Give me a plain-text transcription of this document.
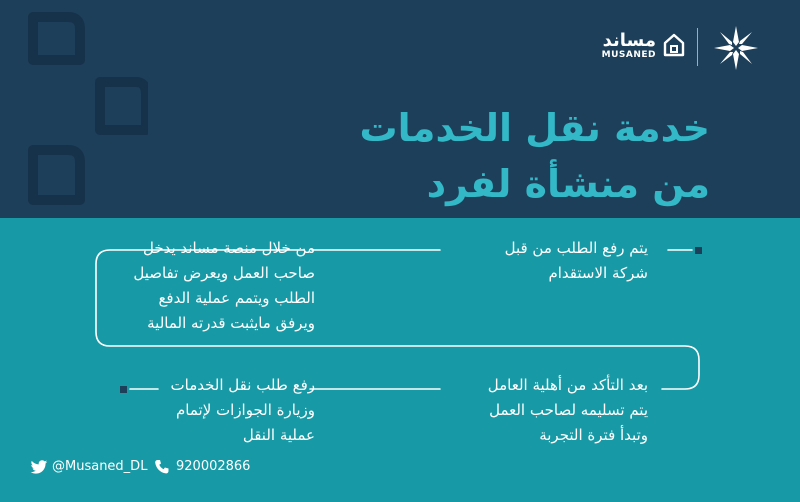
مساند
MUSANED
خدمة نقل الخدمات
من منشأة لفرد
يتم رفع الطلب من قبل
شركة الاستقدام
من خلال منصة مساند يدخل
صاحب العمل ويعرض تفاصيل
الطلب ويتمم عملية الدفع
ويرفق مايثبت قدرته المالية
بعد التأكد من أهلية العامل
يتم تسليمه لصاحب العمل
وتبدأ فترة التجربة
رفع طلب نقل الخدمات
وزيارة الجوازات لإتمام
عملية النقل
@Musaned_DL 920002866
